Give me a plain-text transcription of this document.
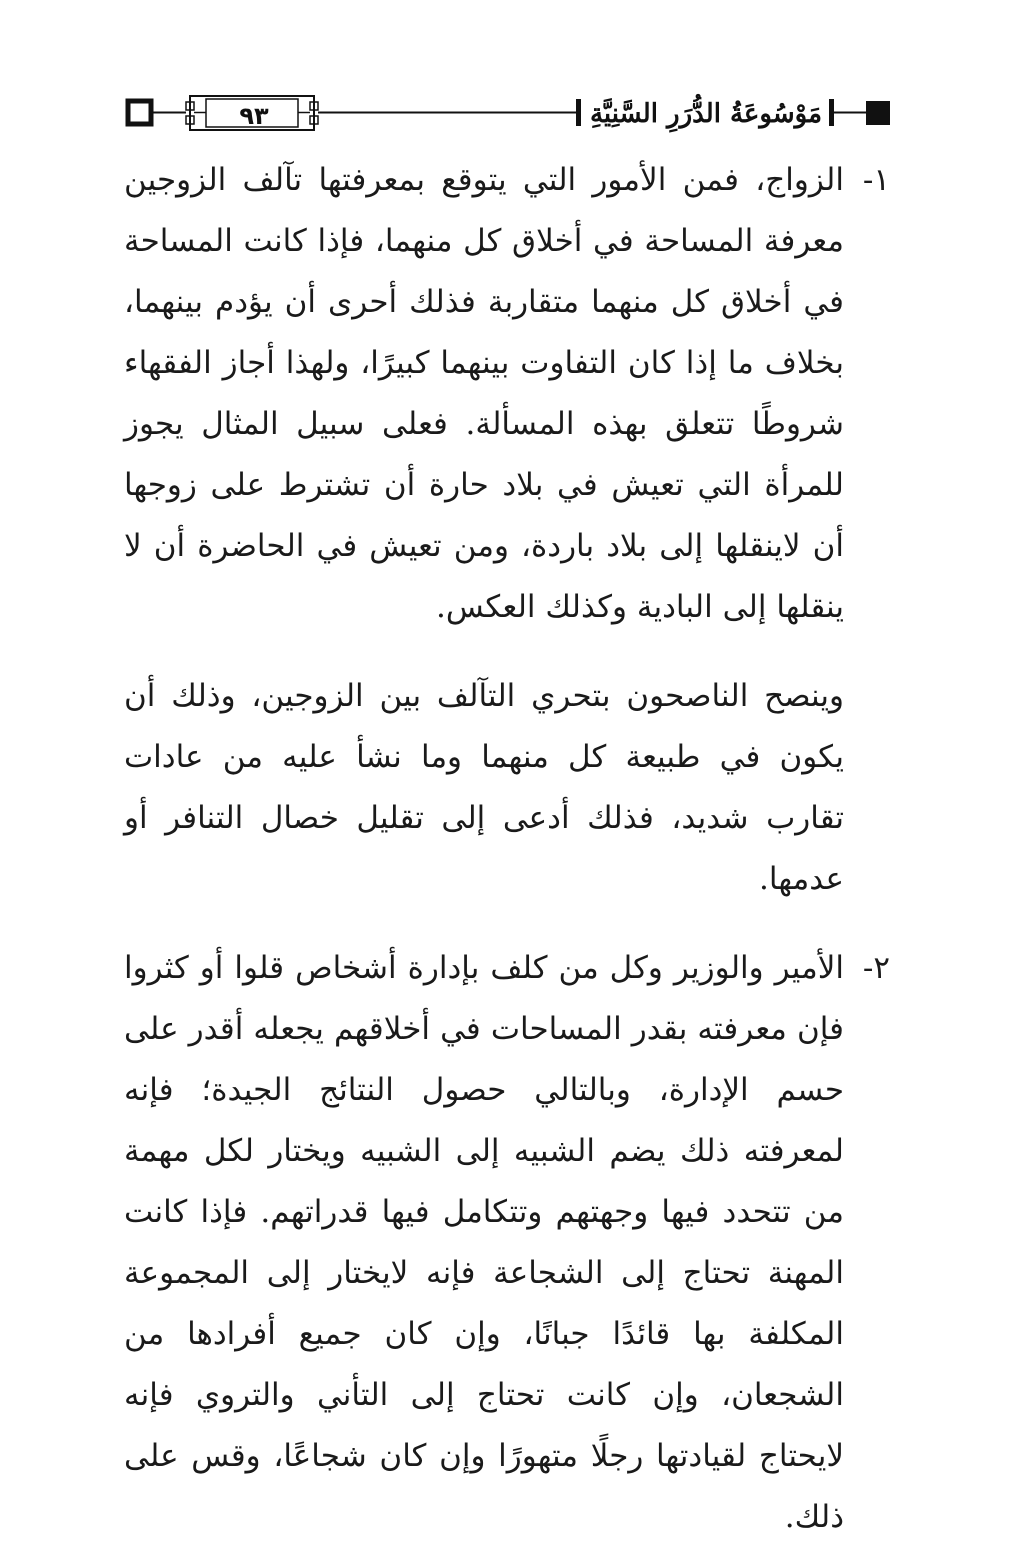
٩٣	مَوْسُوعَةُ الدُّرَرِ السَّنِيَّةِ
١-
الزواج، فمن الأمور التي يتوقع بمعرفتها تآلف الزوجين معرفة المساحة في أخلاق كل منهما، فإذا كانت المساحة في أخلاق كل منهما متقاربة فذلك أحرى أن يؤدم بينهما، بخلاف ما إذا كان التفاوت بينهما كبيرًا، ولهذا أجاز الفقهاء شروطًا تتعلق بهذه المسألة. فعلى سبيل المثال يجوز للمرأة التي تعيش في بلاد حارة أن تشترط على زوجها أن لاينقلها إلى بلاد باردة، ومن تعيش في الحاضرة أن لا ينقلها إلى البادية وكذلك العكس.
وينصح الناصحون بتحري التآلف بين الزوجين، وذلك أن يكون في طبيعة كل منهما وما نشأ عليه من عادات تقارب شديد، فذلك أدعى إلى تقليل خصال التنافر أو عدمها.
٢-
الأمير والوزير وكل من كلف بإدارة أشخاص قلوا أو كثروا فإن معرفته بقدر المساحات في أخلاقهم يجعله أقدر على حسم الإدارة، وبالتالي حصول النتائج الجيدة؛ فإنه لمعرفته ذلك يضم الشبيه إلى الشبيه ويختار لكل مهمة من تتحدد فيها وجهتهم وتتكامل فيها قدراتهم. فإذا كانت المهنة تحتاج إلى الشجاعة فإنه لايختار إلى المجموعة المكلفة بها قائدًا جبانًا، وإن كان جميع أفرادها من الشجعان، وإن كانت تحتاج إلى التأني والتروي فإنه لايحتاج لقيادتها رجلًا متهورًا وإن كان شجاعًا، وقس على ذلك.
